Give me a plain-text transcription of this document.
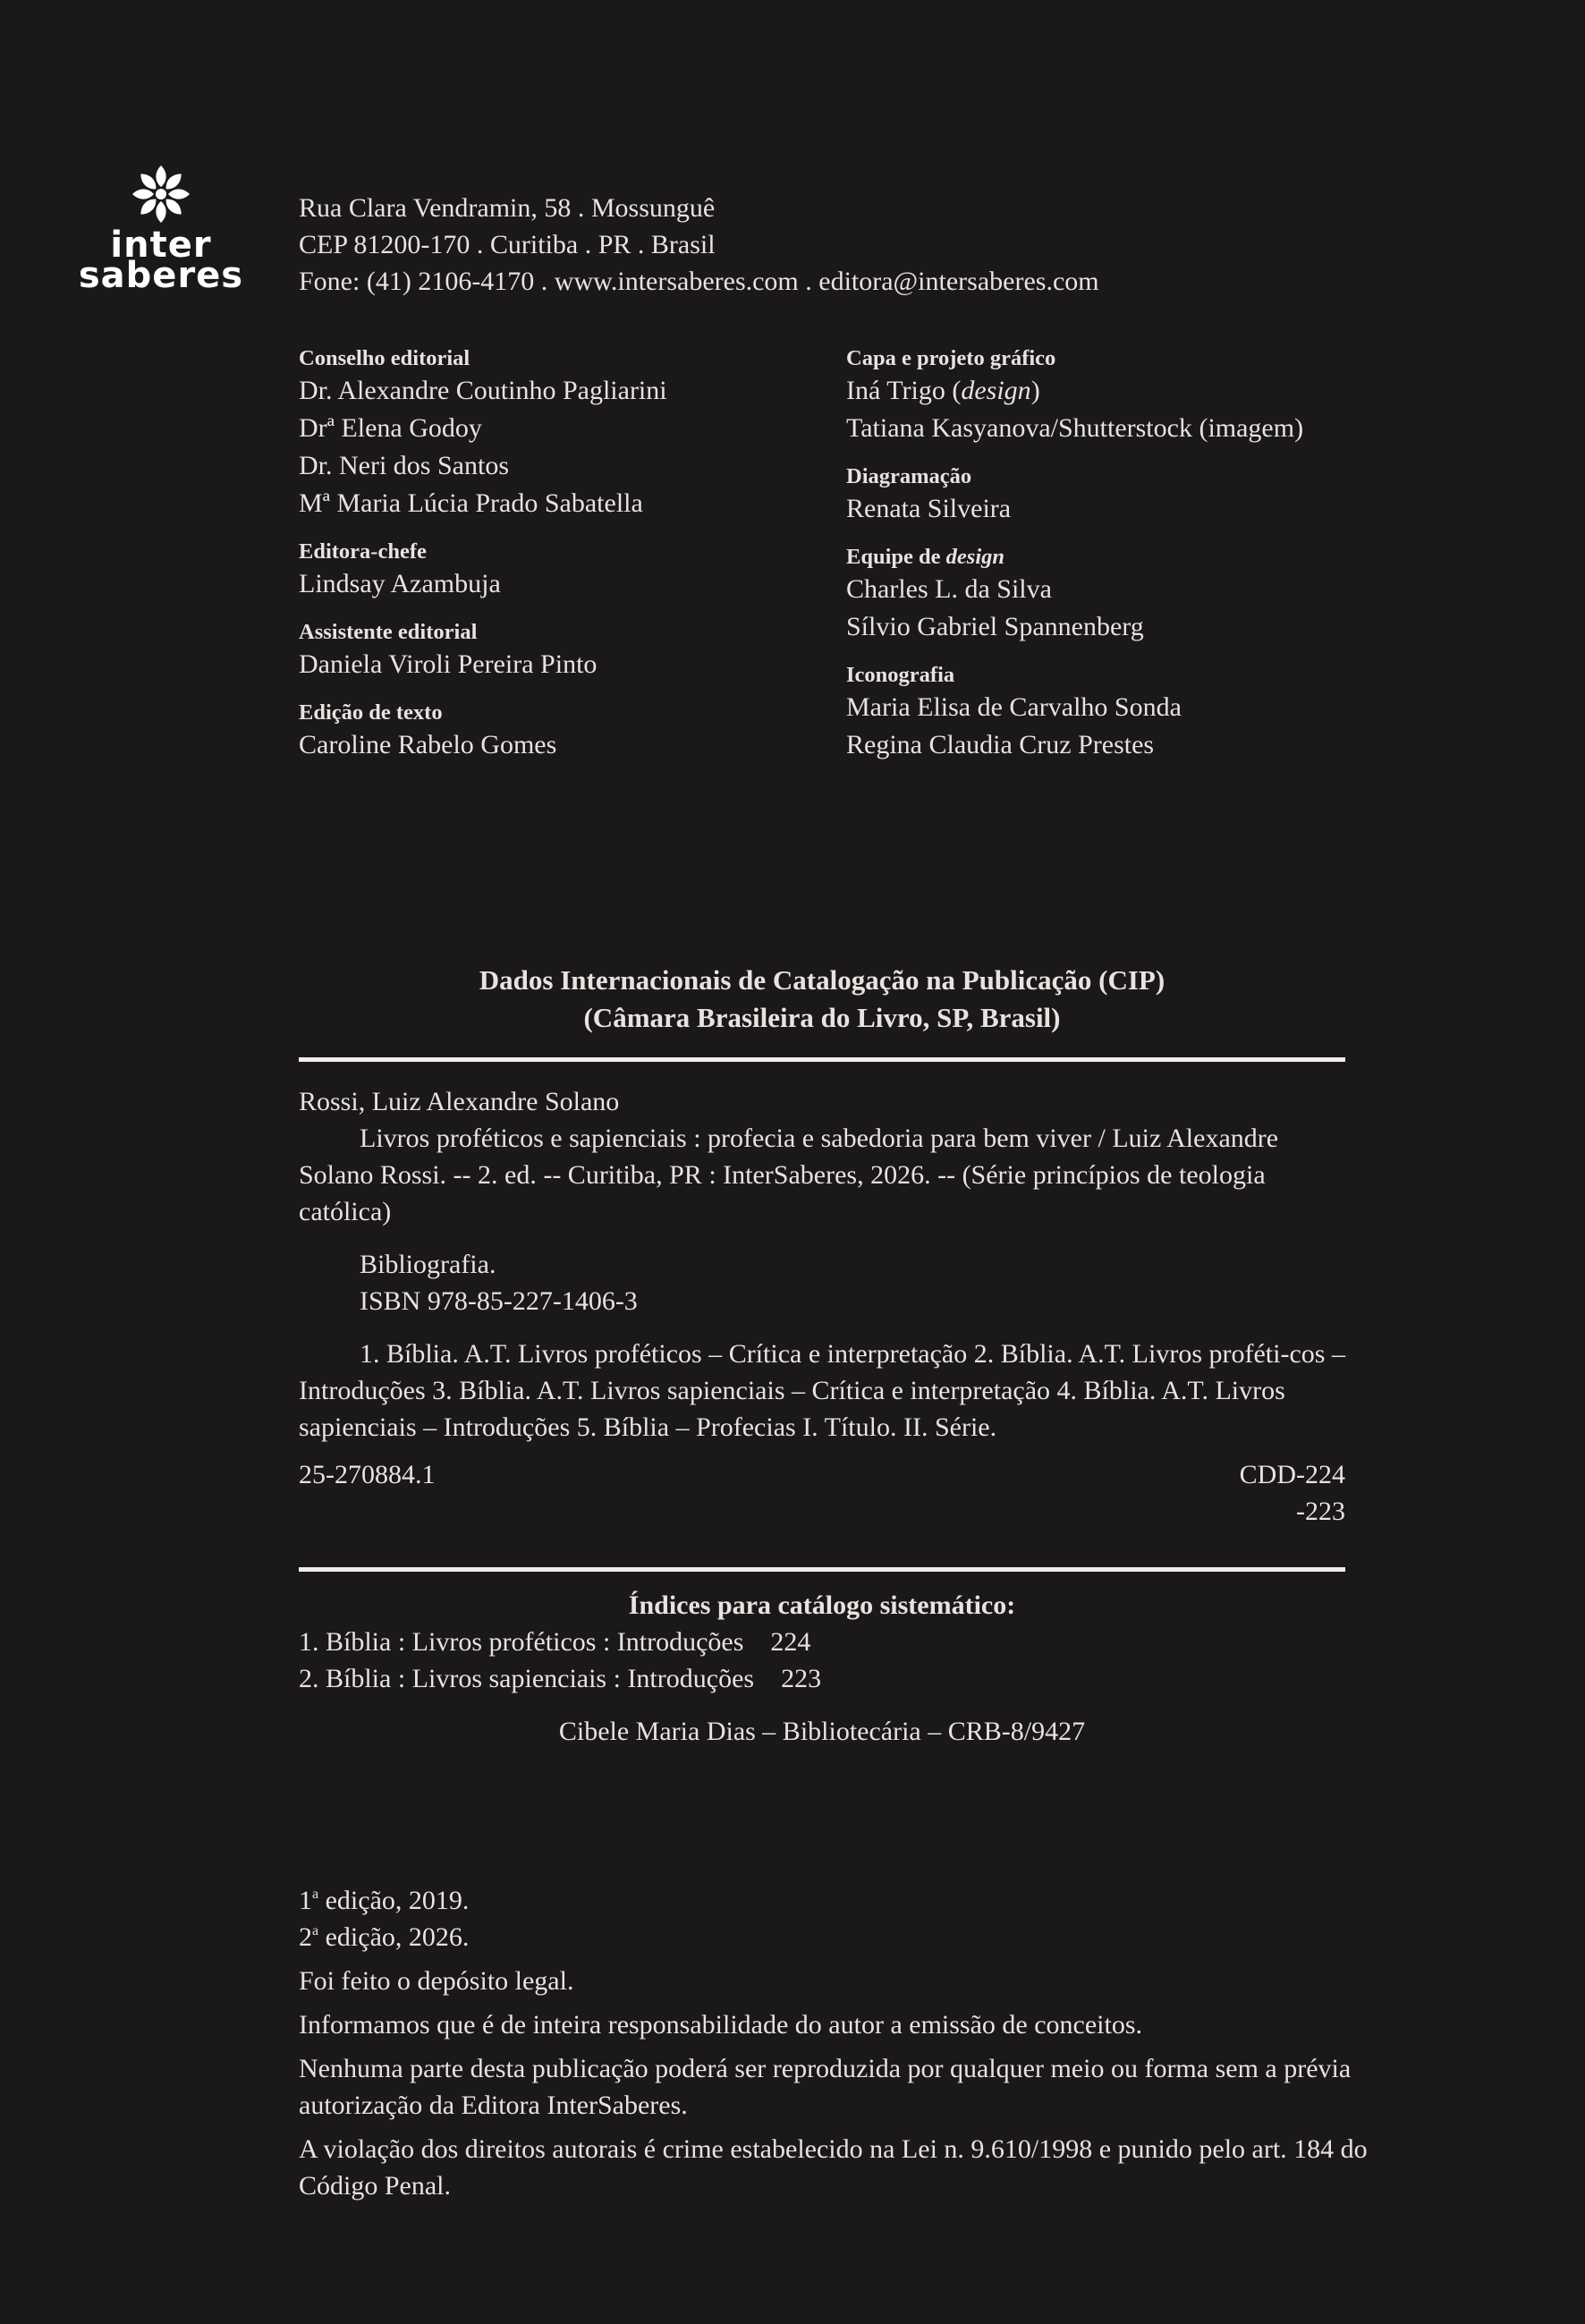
inter
saberes
Rua Clara Vendramin, 58 . Mossunguê
CEP 81200-170 . Curitiba . PR . Brasil
Fone: (41) 2106-4170 . www.intersaberes.com . editora@intersaberes.com
Conselho editorial
Dr. Alexandre Coutinho Pagliarini
Drª Elena Godoy
Dr. Neri dos Santos
Mª Maria Lúcia Prado Sabatella
Editora-chefe
Lindsay Azambuja
Assistente editorial
Daniela Viroli Pereira Pinto
Edição de texto
Caroline Rabelo Gomes
Capa e projeto gráfico
Iná Trigo (design)
Tatiana Kasyanova/Shutterstock (imagem)
Diagramação
Renata Silveira
Equipe de design
Charles L. da Silva
Sílvio Gabriel Spannenberg
Iconografia
Maria Elisa de Carvalho Sonda
Regina Claudia Cruz Prestes
Dados Internacionais de Catalogação na Publicação (CIP)
(Câmara Brasileira do Livro, SP, Brasil)
Rossi, Luiz Alexandre Solano
Livros proféticos e sapienciais : profecia e sabedoria para bem viver / Luiz Alexandre Solano Rossi. -- 2. ed. -- Curitiba, PR : InterSaberes, 2026. -- (Série princípios de teologia católica)
Bibliografia.
ISBN 978-85-227-1406-3
1. Bíblia. A.T. Livros proféticos – Crítica e interpretação 2. Bíblia. A.T. Livros proféti-cos – Introduções 3. Bíblia. A.T. Livros sapienciais – Crítica e interpretação 4. Bíblia. A.T. Livros sapienciais – Introduções 5. Bíblia – Profecias I. Título. II. Série.
25-270884.1	CDD-224
-223
Índices para catálogo sistemático:
1. Bíblia : Livros proféticos : Introduções 224
2. Bíblia : Livros sapienciais : Introduções 223
Cibele Maria Dias – Bibliotecária – CRB-8/9427
1$^a$ edição, 2019.
2$^a$ edição, 2026.

Foi feito o depósito legal.

Informamos que é de inteira responsabilidade do autor a emissão de conceitos.

Nenhuma parte desta publicação poderá ser reproduzida por qualquer meio ou forma sem a prévia autorização da Editora InterSaberes.

A violação dos direitos autorais é crime estabelecido na Lei n. 9.610/1998 e punido pelo art. 184 do Código Penal.
